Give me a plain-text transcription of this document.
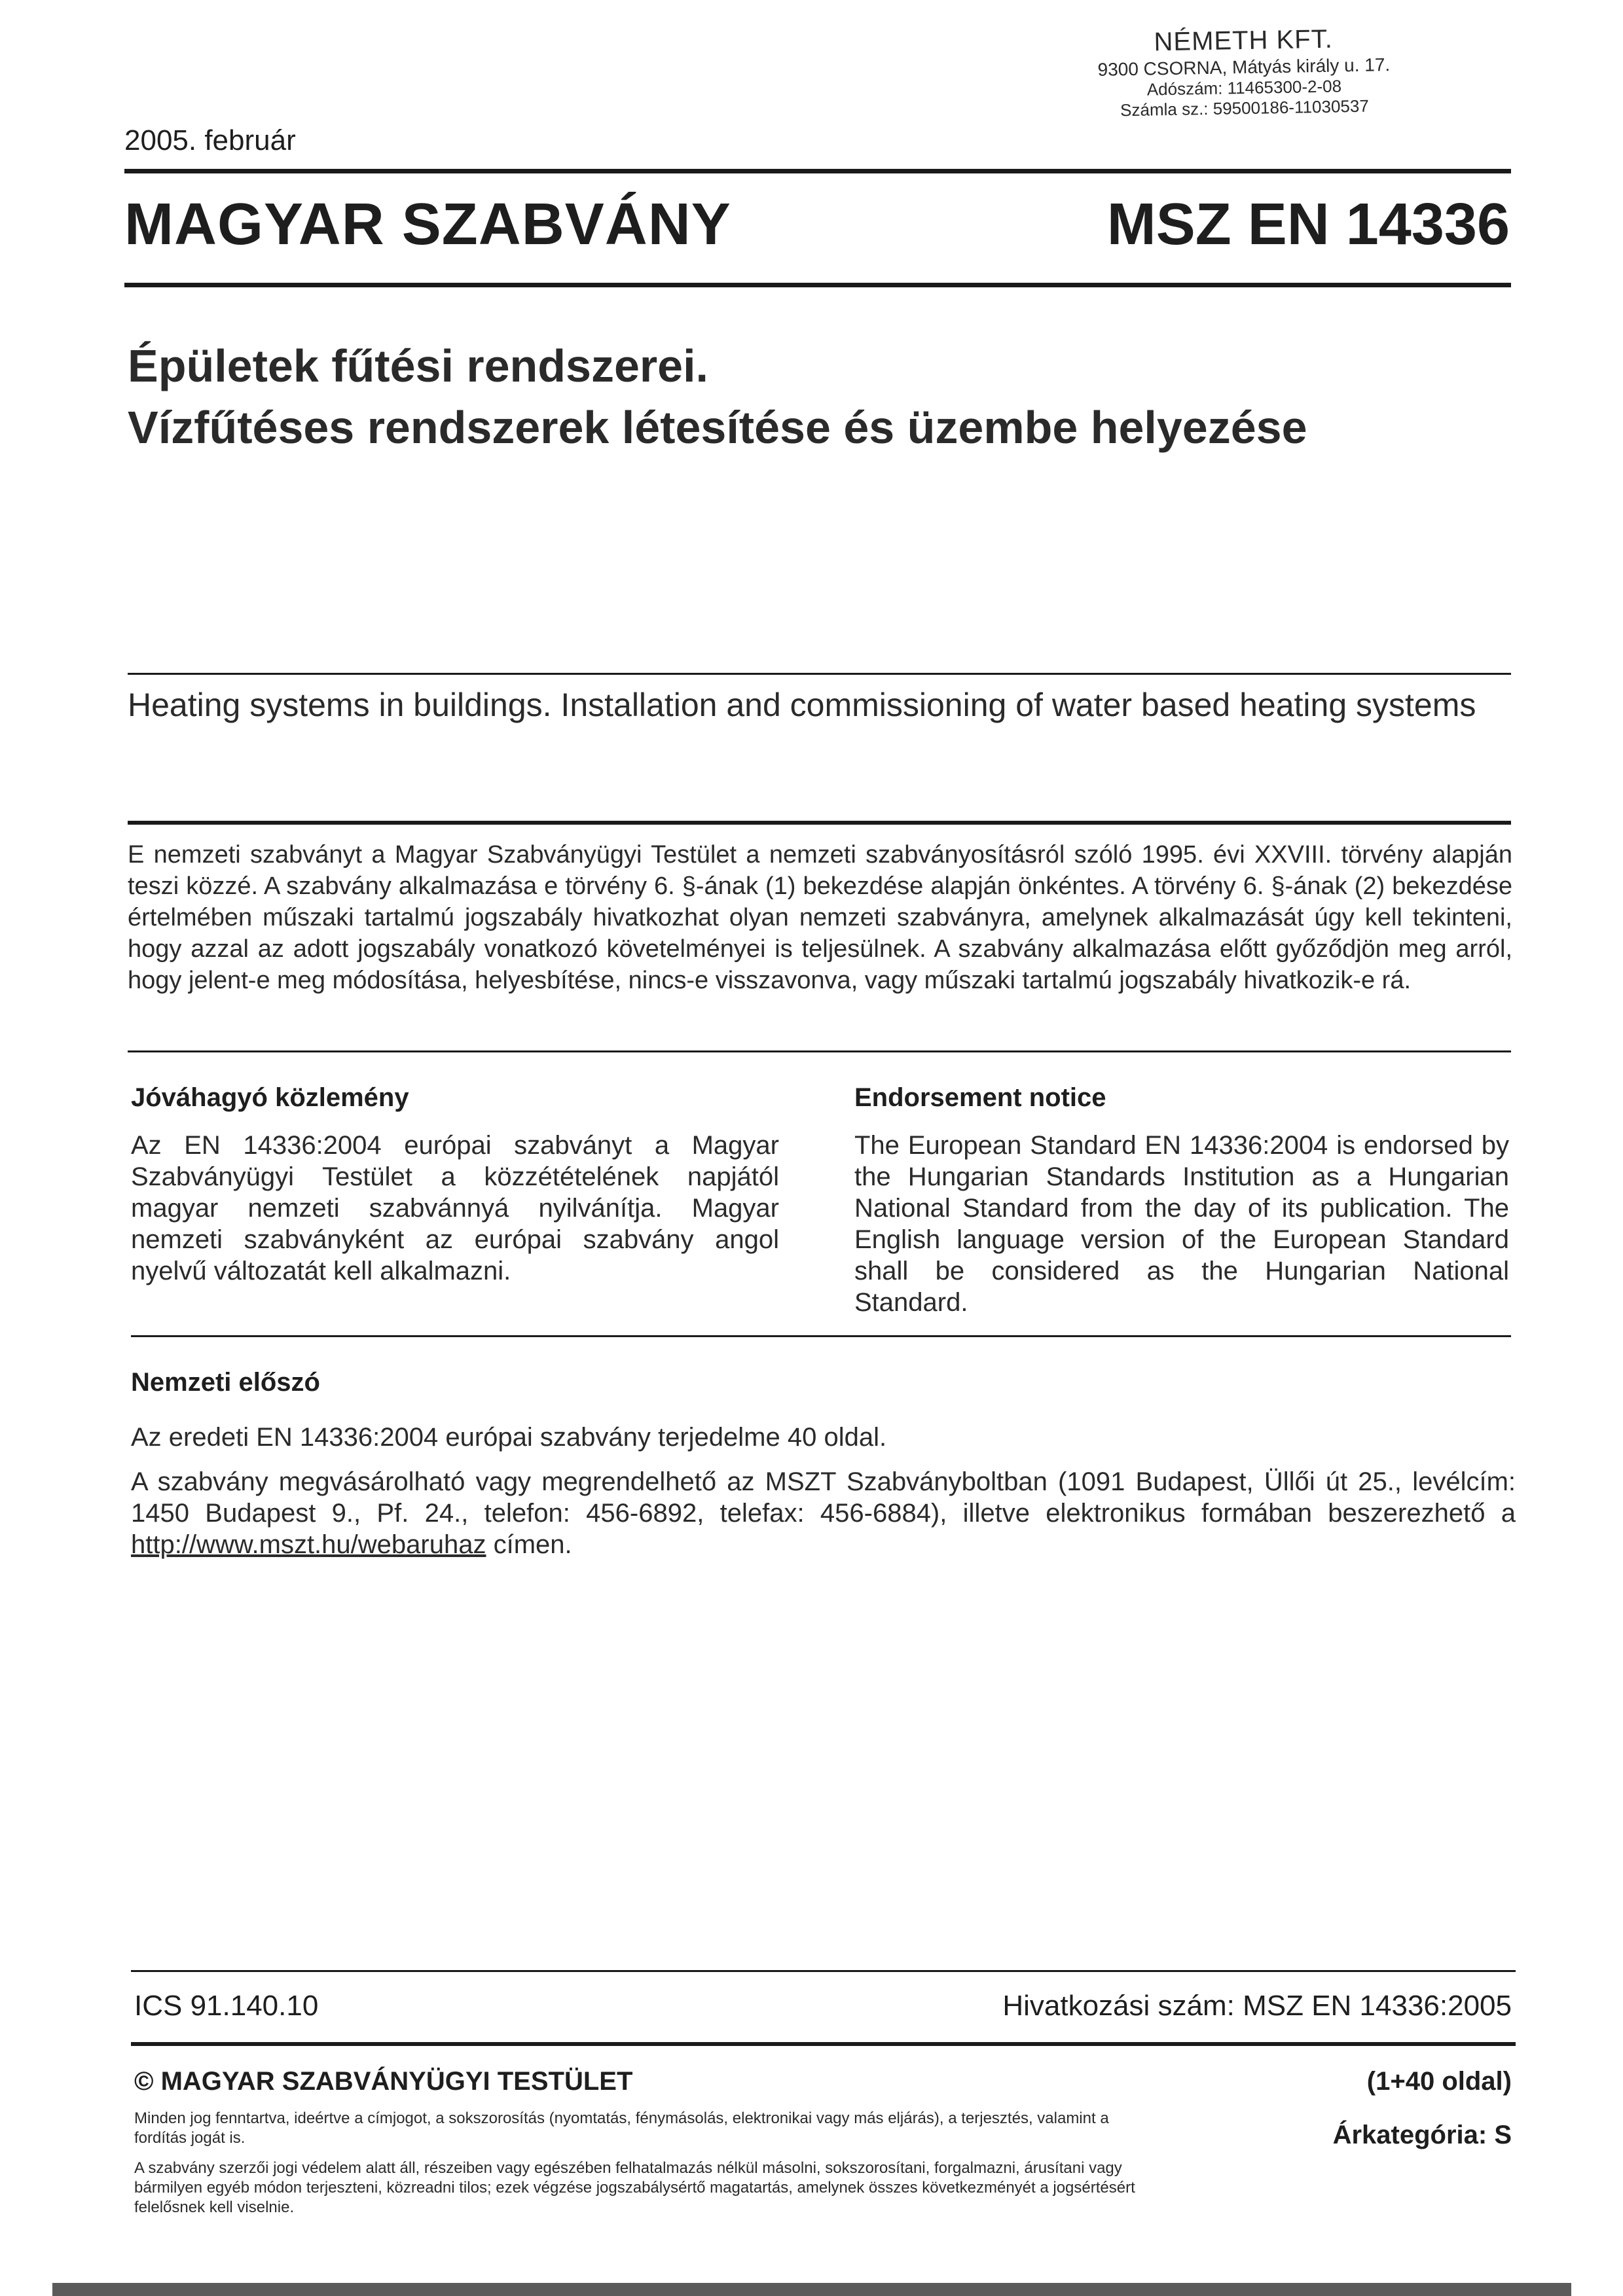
NÉMETH KFT.
9300 CSORNA, Mátyás király u. 17.
Adószám: 11465300-2-08
Számla sz.: 59500186-11030537
2005. február
MAGYAR SZABVÁNY	MSZ EN 14336
Épületek fűtési rendszerei.
Vízfűtéses rendszerek létesítése és üzembe helyezése
Heating systems in buildings. Installation and commissioning of water based heating systems
E nemzeti szabványt a Magyar Szabványügyi Testület a nemzeti szabványosításról szóló 1995. évi XXVIII. törvény alapján teszi közzé. A szabvány alkalmazása e törvény 6. §-ának (1) bekezdése alapján önkéntes. A törvény 6. §-ának (2) bekezdése értelmében műszaki tartalmú jogszabály hivatkozhat olyan nemzeti szabványra, amelynek alkalmazását úgy kell tekinteni, hogy azzal az adott jogszabály vonatkozó követelményei is teljesülnek. A szabvány alkalmazása előtt győződjön meg arról, hogy jelent-e meg módosítása, helyesbítése, nincs-e visszavonva, vagy műszaki tartalmú jogszabály hivatkozik-e rá.
Jóváhagyó közlemény
Az EN 14336:2004 európai szabványt a Magyar Szabványügyi Testület a közzétételének napjától magyar nemzeti szabvánnyá nyilvánítja. Magyar nemzeti szabványként az európai szabvány angol nyelvű változatát kell alkalmazni.
Endorsement notice
The European Standard EN 14336:2004 is endorsed by the Hungarian Standards Institution as a Hungarian National Standard from the day of its publication. The English language version of the European Standard shall be considered as the Hungarian National Standard.
Nemzeti előszó
Az eredeti EN 14336:2004 európai szabvány terjedelme 40 oldal.
A szabvány megvásárolható vagy megrendelhető az MSZT Szabványboltban (1091 Budapest, Üllői út 25., levélcím: 1450 Budapest 9., Pf. 24., telefon: 456-6892, telefax: 456-6884), illetve elektronikus formában beszerezhető a http://www.mszt.hu/webaruhaz címen.
ICS 91.140.10	Hivatkozási szám: MSZ EN 14336:2005
© MAGYAR SZABVÁNYÜGYI TESTÜLET	(1+40 oldal)
Árkategória: S
Minden jog fenntartva, ideértve a címjogot, a sokszorosítás (nyomtatás, fénymásolás, elektronikai vagy más eljárás), a terjesztés, valamint a fordítás jogát is.
A szabvány szerzői jogi védelem alatt áll, részeiben vagy egészében felhatalmazás nélkül másolni, sokszorosítani, forgalmazni, árusítani vagy bármilyen egyéb módon terjeszteni, közreadni tilos; ezek végzése jogszabálysértő magatartás, amelynek összes következményét a jogsértésért felelősnek kell viselnie.
